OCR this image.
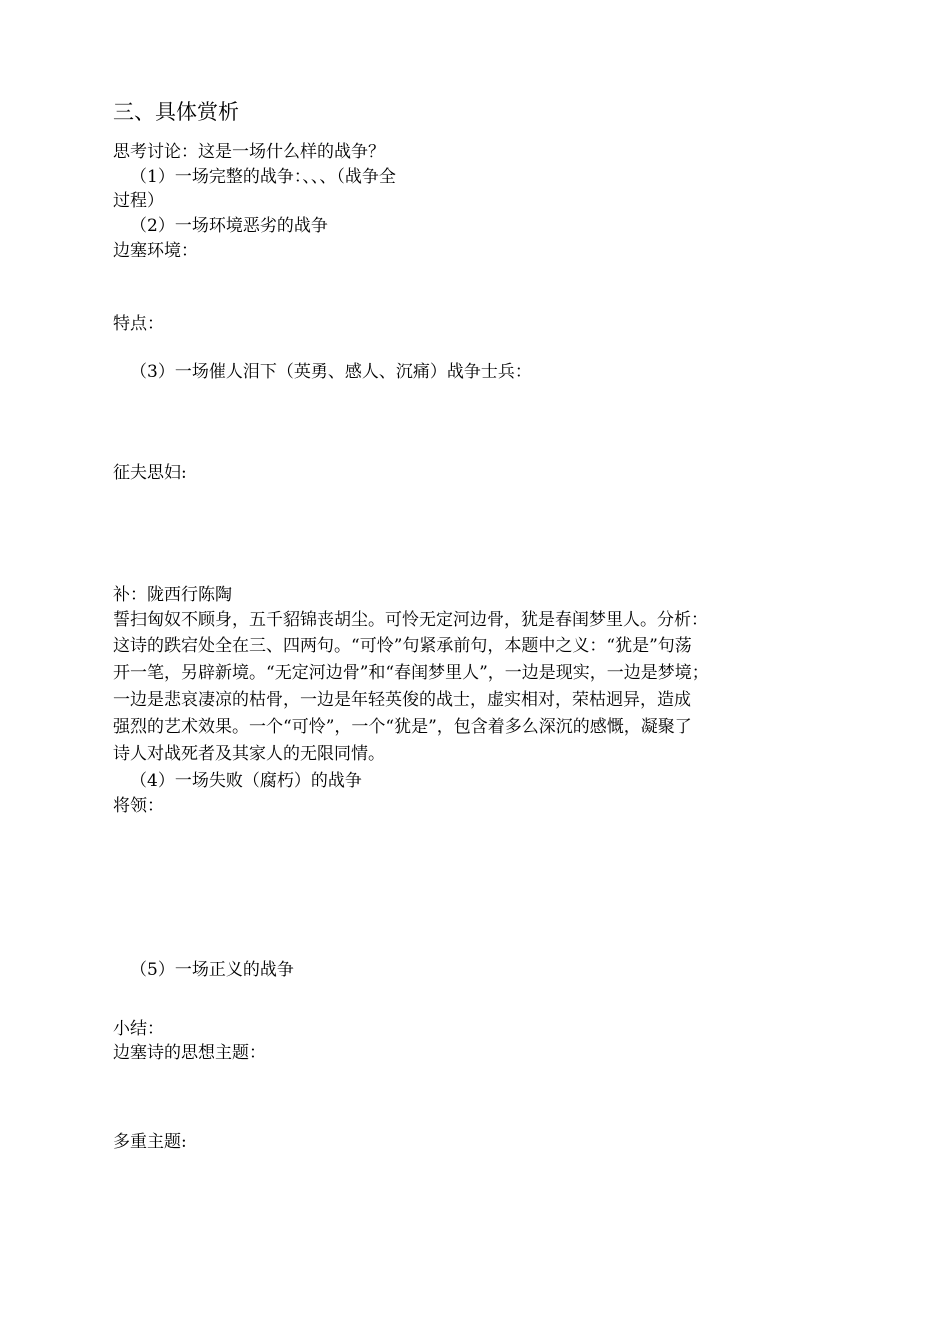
三、具体赏析
思考讨论：这是一场什么样的战争？
（1）一场完整的战争：、、、（战争全
过程）
（2）一场环境恶劣的战争
边塞环境：
特点：
（3）一场催人泪下（英勇、感人、沉痛）战争士兵：
征夫思妇:
补：陇西行陈陶
誓扫匈奴不顾身，五千貂锦丧胡尘。可怜无定河边骨，犹是春闺梦里人。分析：
这诗的跌宕处全在三、四两句。“可怜”句紧承前句，本题中之义：“犹是”句荡
开一笔，另辟新境。“无定河边骨”和“春闺梦里人”，一边是现实，一边是梦境；
一边是悲哀凄凉的枯骨，一边是年轻英俊的战士，虚实相对，荣枯迥异，造成
强烈的艺术效果。一个“可怜”，一个“犹是”，包含着多么深沉的感慨，凝聚了
诗人对战死者及其家人的无限同情。
（4）一场失败（腐朽）的战争
将领：
（5）一场正义的战争
小结：
边塞诗的思想主题：
多重主题:
